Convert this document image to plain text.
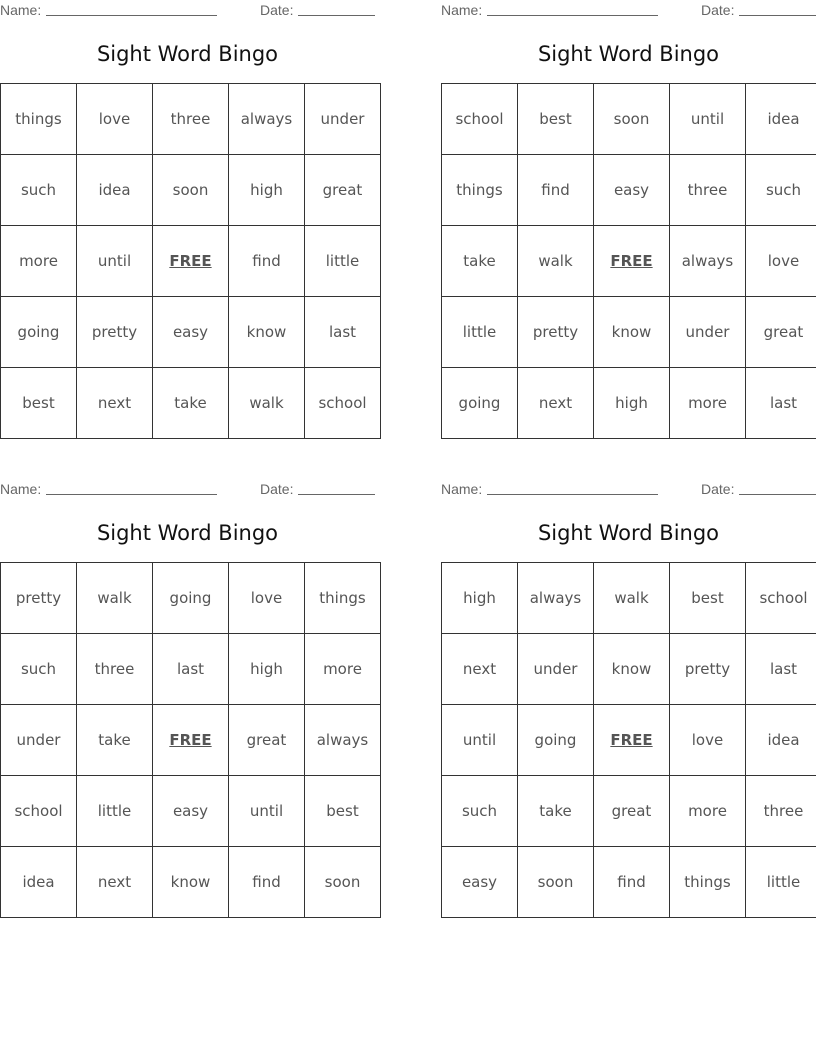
Name:	Date:
Sight Word Bingo
things	love	three	always	under
such	idea	soon	high	great
more	until	FREE	find	little
going	pretty	easy	know	last
best	next	take	walk	school
Name:	Date:
Sight Word Bingo
school	best	soon	until	idea
things	find	easy	three	such
take	walk	FREE	always	love
little	pretty	know	under	great
going	next	high	more	last
Name:	Date:
Sight Word Bingo
pretty	walk	going	love	things
such	three	last	high	more
under	take	FREE	great	always
school	little	easy	until	best
idea	next	know	find	soon
Name:	Date:
Sight Word Bingo
high	always	walk	best	school
next	under	know	pretty	last
until	going	FREE	love	idea
such	take	great	more	three
easy	soon	find	things	little
